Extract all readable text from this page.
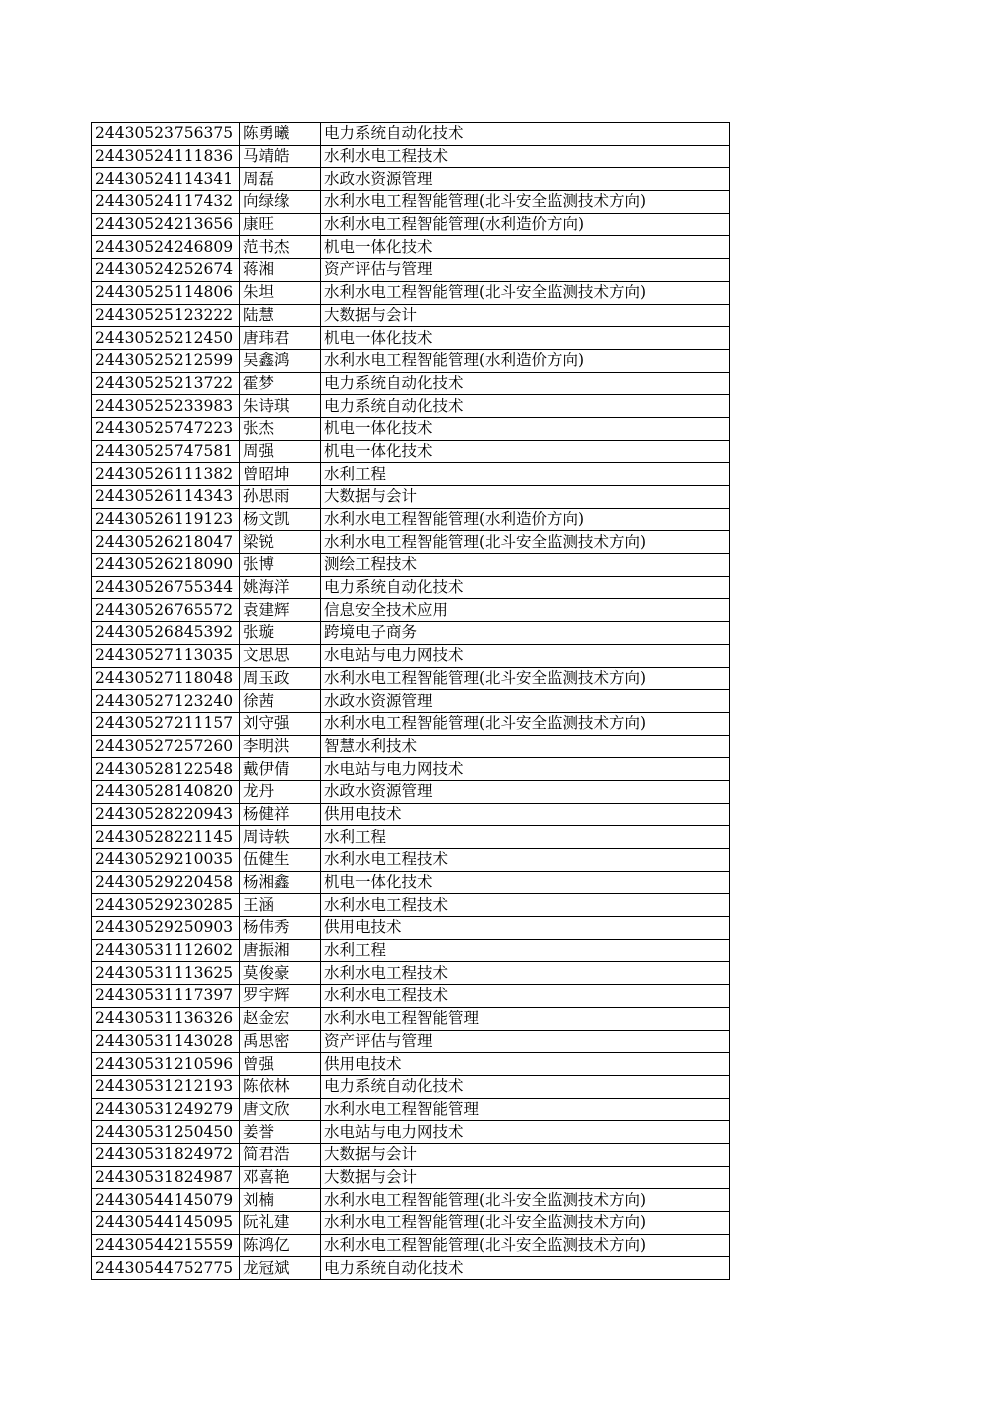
24430523756375	陈勇曦	电力系统自动化技术
24430524111836	马靖皓	水利水电工程技术
24430524114341	周磊	水政水资源管理
24430524117432	向绿缘	水利水电工程智能管理(北斗安全监测技术方向)
24430524213656	康旺	水利水电工程智能管理(水利造价方向)
24430524246809	范书杰	机电一体化技术
24430524252674	蒋湘	资产评估与管理
24430525114806	朱坦	水利水电工程智能管理(北斗安全监测技术方向)
24430525123222	陆慧	大数据与会计
24430525212450	唐玮君	机电一体化技术
24430525212599	吴鑫鸿	水利水电工程智能管理(水利造价方向)
24430525213722	霍梦	电力系统自动化技术
24430525233983	朱诗琪	电力系统自动化技术
24430525747223	张杰	机电一体化技术
24430525747581	周强	机电一体化技术
24430526111382	曾昭坤	水利工程
24430526114343	孙思雨	大数据与会计
24430526119123	杨文凯	水利水电工程智能管理(水利造价方向)
24430526218047	梁锐	水利水电工程智能管理(北斗安全监测技术方向)
24430526218090	张博	测绘工程技术
24430526755344	姚海洋	电力系统自动化技术
24430526765572	袁建辉	信息安全技术应用
24430526845392	张璇	跨境电子商务
24430527113035	文思思	水电站与电力网技术
24430527118048	周玉政	水利水电工程智能管理(北斗安全监测技术方向)
24430527123240	徐茜	水政水资源管理
24430527211157	刘守强	水利水电工程智能管理(北斗安全监测技术方向)
24430527257260	李明洪	智慧水利技术
24430528122548	戴伊倩	水电站与电力网技术
24430528140820	龙丹	水政水资源管理
24430528220943	杨健祥	供用电技术
24430528221145	周诗轶	水利工程
24430529210035	伍健生	水利水电工程技术
24430529220458	杨湘鑫	机电一体化技术
24430529230285	王涵	水利水电工程技术
24430529250903	杨伟秀	供用电技术
24430531112602	唐振湘	水利工程
24430531113625	莫俊豪	水利水电工程技术
24430531117397	罗宇辉	水利水电工程技术
24430531136326	赵金宏	水利水电工程智能管理
24430531143028	禹思密	资产评估与管理
24430531210596	曾强	供用电技术
24430531212193	陈依林	电力系统自动化技术
24430531249279	唐文欣	水利水电工程智能管理
24430531250450	姜誉	水电站与电力网技术
24430531824972	简君浩	大数据与会计
24430531824987	邓喜艳	大数据与会计
24430544145079	刘楠	水利水电工程智能管理(北斗安全监测技术方向)
24430544145095	阮礼建	水利水电工程智能管理(北斗安全监测技术方向)
24430544215559	陈鸿亿	水利水电工程智能管理(北斗安全监测技术方向)
24430544752775	龙冠斌	电力系统自动化技术
